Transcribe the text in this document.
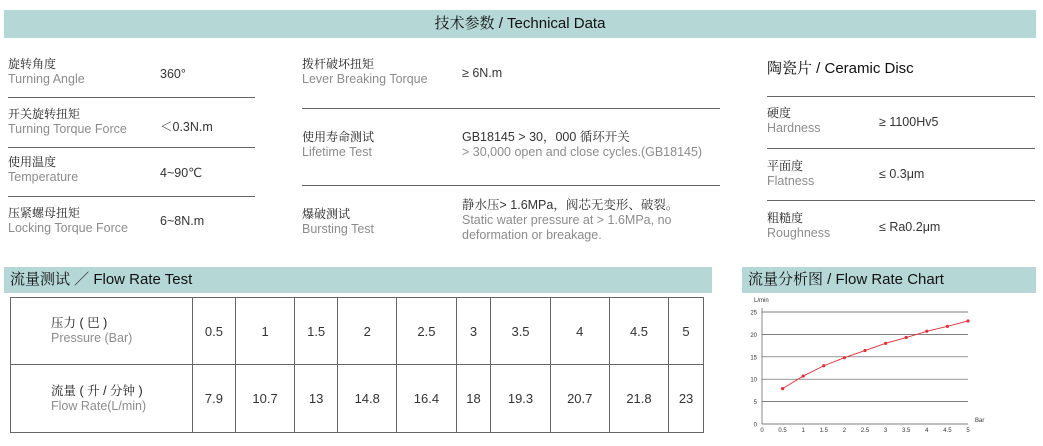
技术参数 / Technical Data
旋转角度
Turning Angle	360°
开关旋转扭矩
Turning Torque Force	＜0.3N.m
使用温度
Temperature	4~90℃
压紧螺母扭矩
Locking Torque Force	6~8N.m
拨杆破坏扭矩
Lever Breaking Torque	≥ 6N.m
使用寿命测试
Lifetime Test
GB18145 > 30，000 循环开关
> 30,000 open and close cycles.(GB18145)
爆破测试
Bursting Test
静水压> 1.6MPa，阀芯无变形、破裂。
Static water pressure at > 1.6MPa, no deformation or breakage.
陶瓷片 / Ceramic Disc
硬度
Hardness	≥ 1100Hv5
平面度
Flatness	≤ 0.3μm
粗糙度
Roughness	≤ Ra0.2μm
流量测试 ／ Flow Rate Test	流量分析图 / Flow Rate Chart
压力 ( 巴 )
Pressure (Bar)	0.5	1	1.5	2	2.5	3	3.5	4	4.5	5

流量 ( 升 / 分钟 )
Flow Rate(L/min)	7.9	10.7	13	14.8	16.4	18	19.3	20.7	21.8	23
0
5
10
15
20
25
0 0.5 1 1.5 2 2.5 3 3.5 4 4.5 5
L/min
Bar
